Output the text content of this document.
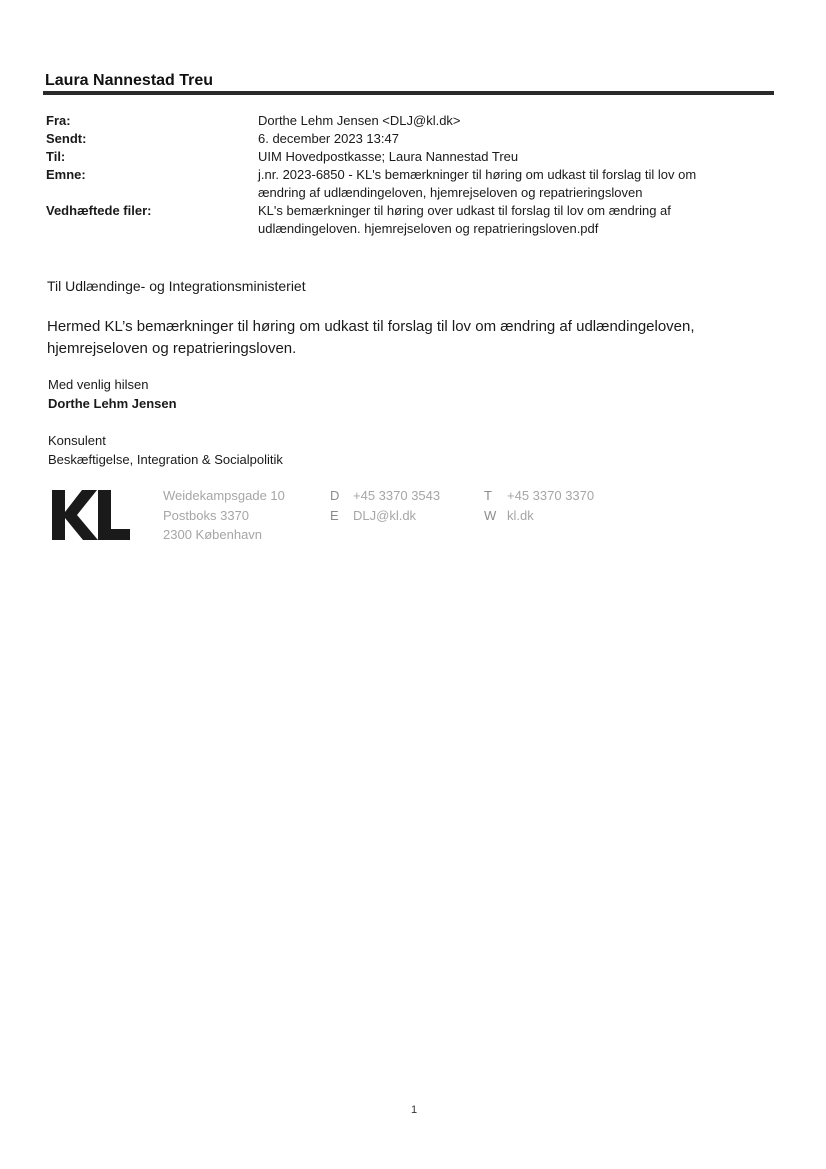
Laura Nannestad Treu
Fra:	Dorthe Lehm Jensen <DLJ@kl.dk>
Sendt:	6. december 2023 13:47
Til:	UIM Hovedpostkasse; Laura Nannestad Treu
Emne:	j.nr. 2023-6850 - KL's bemærkninger til høring om udkast til forslag til lov om ændring af udlændingeloven, hjemrejseloven og repatrieringsloven
Vedhæftede filer:	KL's bemærkninger til høring over udkast til forslag til lov om ændring af udlændingeloven. hjemrejseloven og repatrieringsloven.pdf
Til Udlændinge- og Integrationsministeriet
Hermed KL’s bemærkninger til høring om udkast til forslag til lov om ændring af udlændingeloven, hjemrejseloven og repatrieringsloven.
Med venlig hilsen
Dorthe Lehm Jensen
Konsulent
Beskæftigelse, Integration & Socialpolitik
Weidekampsgade 10
Postboks 3370
2300 København
D +45 3370 3543
E DLJ@kl.dk
T +45 3370 3370
W kl.dk
1
